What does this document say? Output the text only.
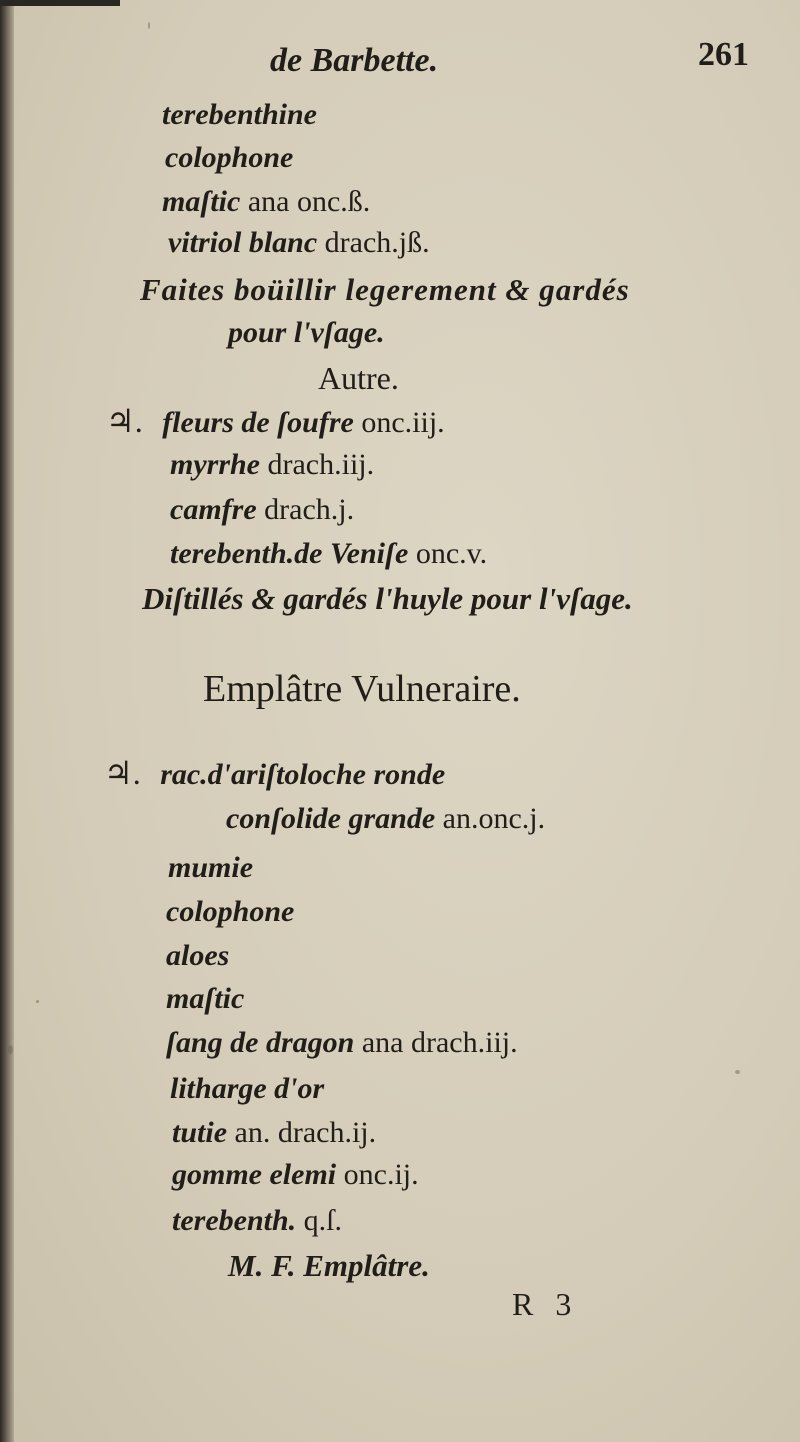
de Barbette.	261
terebenthine
colophone
maſtic ana onc.ß.
vitriol blanc drach.jß.
Faites boüillir legerement & gardés
pour l'vſage.
Autre.
♃. fleurs de ſoufre onc.iij.
myrrhe drach.iij.
camfre drach.j.
terebenth.de Veniſe onc.v.
Diſtillés & gardés l'huyle pour l'vſage.
Emplâtre Vulneraire.
♃. rac.d'ariſtoloche ronde
conſolide grande an.onc.j.
mumie
colophone
aloes
maſtic
ſang de dragon ana drach.iij.
litharge d'or
tutie an. drach.ij.
gomme elemi onc.ij.
terebenth. q.ſ.
M. F. Emplâtre.
R 3
